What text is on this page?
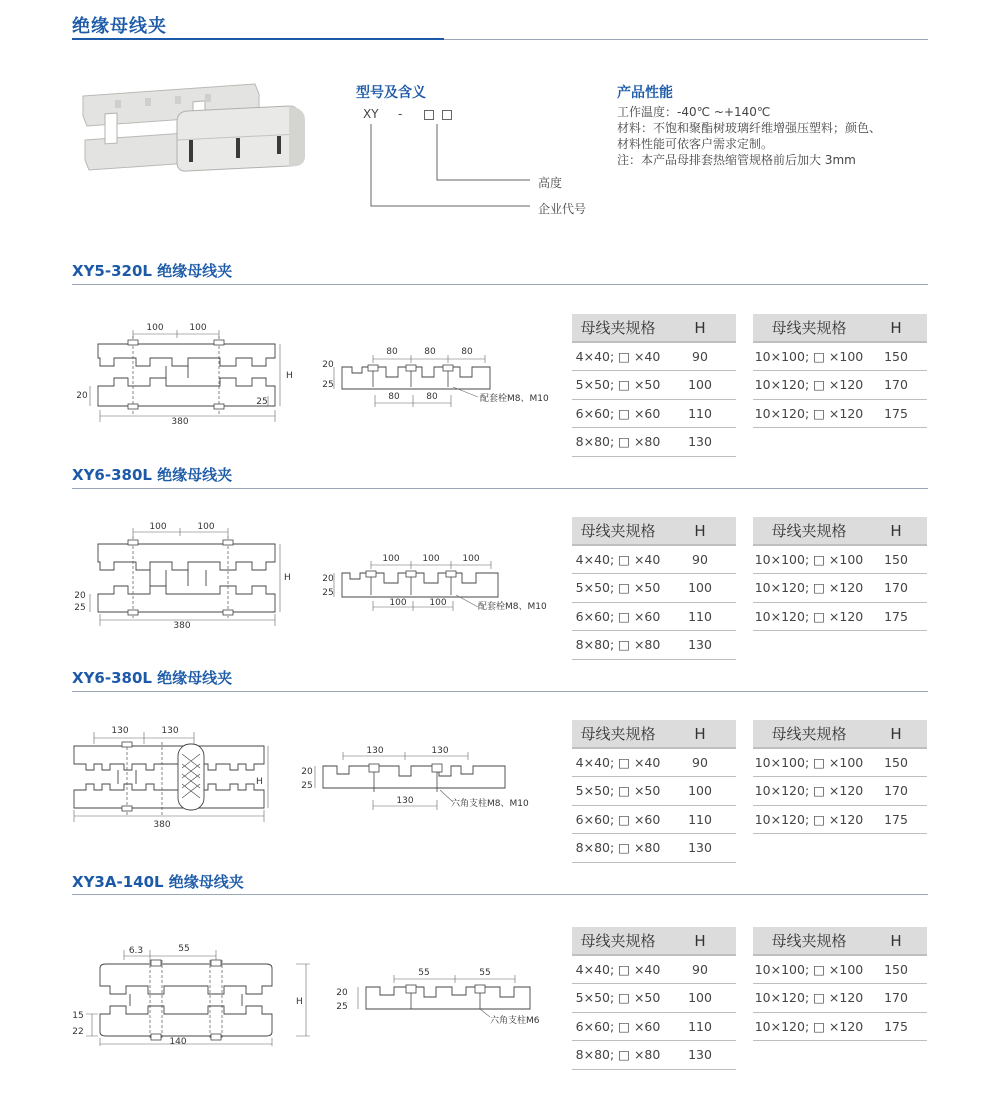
绝缘母线夹
型号及含义
XY -
高度
企业代号
产品性能
工作温度：-40℃ ~+140℃
材料：不饱和聚酯树玻璃纤维增强压塑料；颜色、
材料性能可依客户需求定制。
注：本产品母排套热缩管规格前后加大 3mm
XY5-320L 绝缘母线夹
100	100
380
20
25
H
80	80	80
80	80
25
20
配套栓M8、M10
母线夹规格	H
4×40; □ ×40	90
5×50; □ ×50	100
6×60; □ ×60	110
8×80; □ ×80	130
母线夹规格	H
10×100; □ ×100	150
10×120; □ ×120	170
10×120; □ ×120	175
XY6-380L 绝缘母线夹
100	100
380
25
20
H
100	100	100
100	100
25
20
配套栓M8、M10
母线夹规格	H
4×40; □ ×40	90
5×50; □ ×50	100
6×60; □ ×60	110
8×80; □ ×80	130
母线夹规格	H
10×100; □ ×100	150
10×120; □ ×120	170
10×120; □ ×120	175
XY6-380L 绝缘母线夹
130	130
380
H
130	130
130
25
20
六角支柱M8、M10
母线夹规格	H
4×40; □ ×40	90
5×50; □ ×50	100
6×60; □ ×60	110
8×80; □ ×80	130
母线夹规格	H
10×100; □ ×100	150
10×120; □ ×120	170
10×120; □ ×120	175
XY3A-140L 绝缘母线夹
6.3	55
140
22
15
H
55	55
25
20
六角支柱M6
母线夹规格	H
4×40; □ ×40	90
5×50; □ ×50	100
6×60; □ ×60	110
8×80; □ ×80	130
母线夹规格	H
10×100; □ ×100	150
10×120; □ ×120	170
10×120; □ ×120	175
